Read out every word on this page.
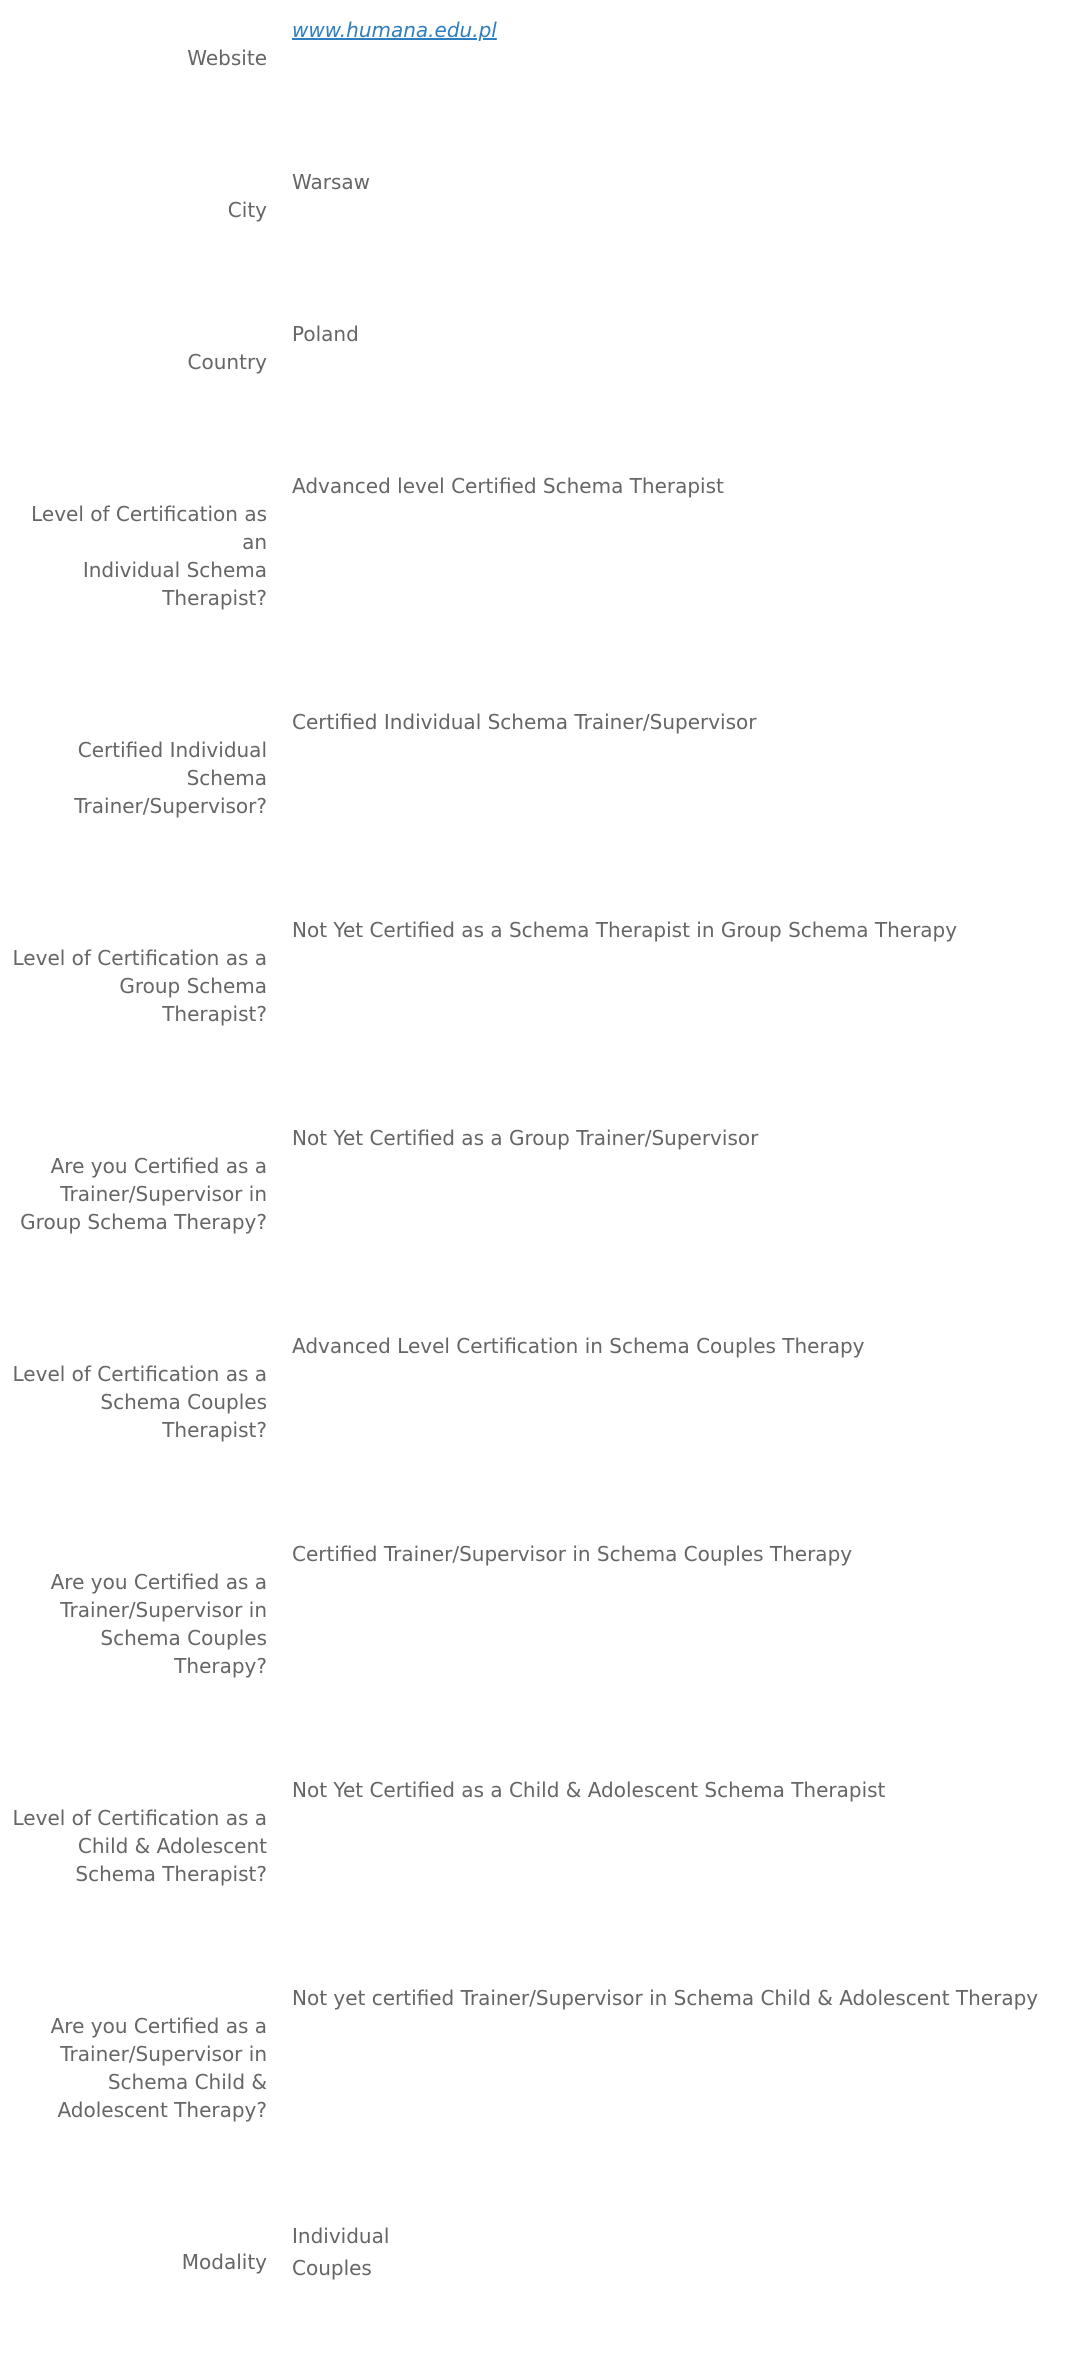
Website

www.humana.edu.pl

City

Warsaw

Country

Poland

Level of Certification as an
Individual Schema
Therapist?

Advanced level Certified Schema Therapist

Certified Individual
Schema
Trainer/Supervisor?

Certified Individual Schema Trainer/Supervisor

Level of Certification as a
Group Schema Therapist?

Not Yet Certified as a Schema Therapist in Group Schema Therapy

Are you Certified as a
Trainer/Supervisor in
Group Schema Therapy?

Not Yet Certified as a Group Trainer/Supervisor

Level of Certification as a
Schema Couples
Therapist?

Advanced Level Certification in Schema Couples Therapy

Are you Certified as a
Trainer/Supervisor in
Schema Couples Therapy?

Certified Trainer/Supervisor in Schema Couples Therapy

Level of Certification as a
Child & Adolescent
Schema Therapist?

Not Yet Certified as a Child & Adolescent Schema Therapist

Are you Certified as a
Trainer/Supervisor in
Schema Child &
Adolescent Therapy?

Not yet certified Trainer/Supervisor in Schema Child & Adolescent Therapy

Modality

Individual
Couples
